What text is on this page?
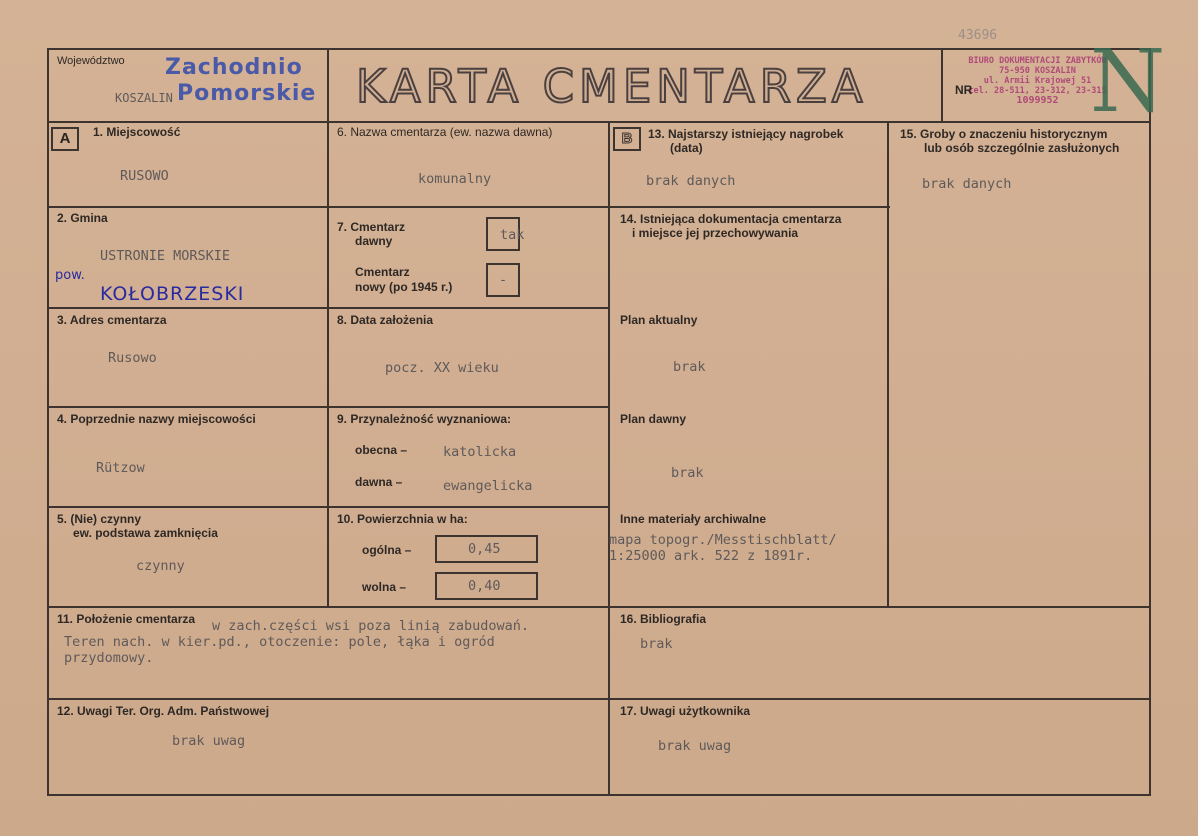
Województwo
KOSZALIN
Zachodnio
Pomorskie KARTA CMENTARZA
43696
BIURO DOKUMENTACJI ZABYTKÓW
75-950 KOSZALIN
ul. Armii Krajowej 51
tel. 28-511, 23-312, 23-315
1099952
NR N
A	B
1. Miejscowość
RUSOWO
2. Gmina
USTRONIE MORSKIE
pow.
KOŁOBRZESKI
3. Adres cmentarza
Rusowo
4. Poprzednie nazwy miejscowości
Rützow
5. (Nie) czynny
ew. podstawa zamknięcia
czynny
6. Nazwa cmentarza (ew. nazwa dawna)
komunalny
7. Cmentarz
dawny	tak
Cmentarz
nowy (po 1945 r.)	-
8. Data założenia
pocz. XX wieku
9. Przynależność wyznaniowa:
obecna –	katolicka
dawna –	ewangelicka
10. Powierzchnia w ha:
ogólna –	0,45
wolna –	0,40
13. Najstarszy istniejący nagrobek
(data)
brak danych
14. Istniejąca dokumentacja cmentarza
i miejsce jej przechowywania
Plan aktualny
brak
Plan dawny
brak
Inne materiały archiwalne
mapa topogr./Messtischblatt/
1:25000 ark. 522 z 1891r.
15. Groby o znaczeniu historycznym
lub osób szczególnie zasłużonych
brak danych
11. Położenie cmentarza w zach.części wsi poza linią zabudowań.
Teren nach. w kier.pd., otoczenie: pole, łąka i ogród
przydomowy.
16. Bibliografia
brak
12. Uwagi Ter. Org. Adm. Państwowej
brak uwag
17. Uwagi użytkownika
brak uwag
